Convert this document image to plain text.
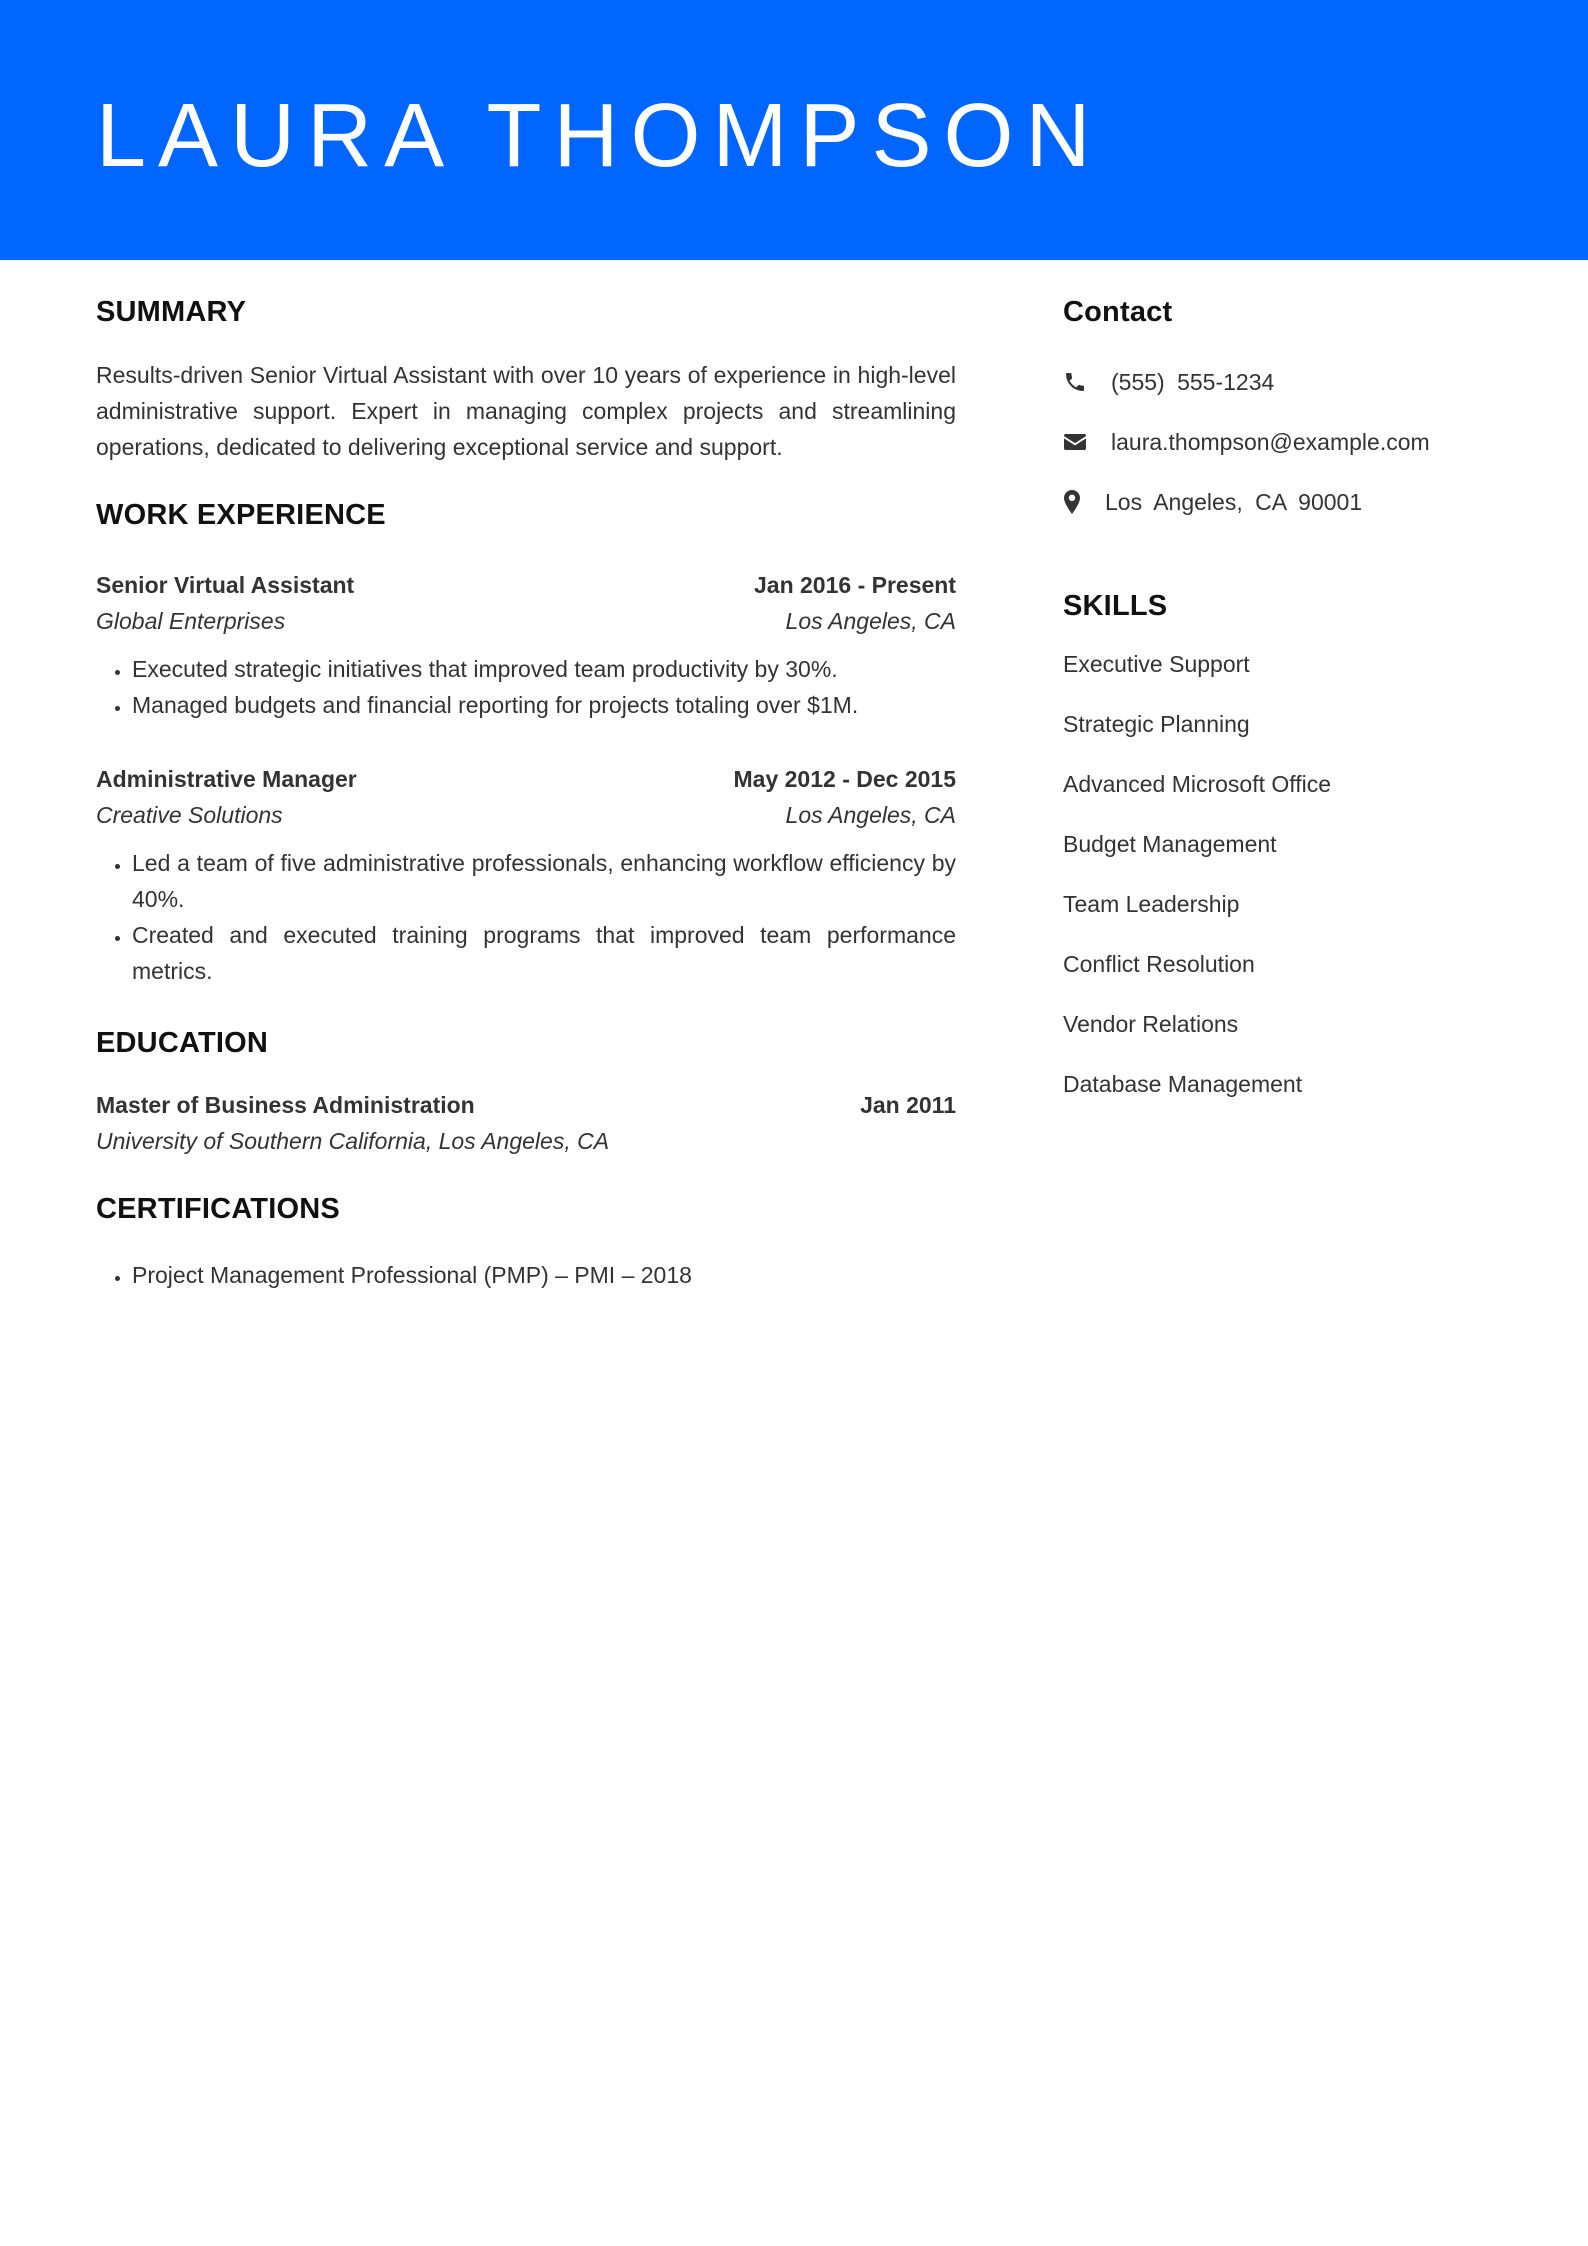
LAURA THOMPSON
SUMMARY

Results-driven Senior Virtual Assistant with over 10 years of experience in high-level administrative support. Expert in managing complex projects and streamlining operations, dedicated to delivering exceptional service and support.

WORK EXPERIENCE
Senior Virtual Assistant	Jan 2016 - Present
Global Enterprises	Los Angeles, CA
• Executed strategic initiatives that improved team productivity by 30%.
• Managed budgets and financial reporting for projects totaling over $1M.
Administrative Manager	May 2012 - Dec 2015
Creative Solutions	Los Angeles, CA
• Led a team of five administrative professionals, enhancing workflow efficiency by 40%.
• Created and executed training programs that improved team performance metrics.
EDUCATION
Master of Business Administration	Jan 2011
University of Southern California, Los Angeles, CA
CERTIFICATIONS
• Project Management Professional (PMP) – PMI – 2018
Contact
(555) 555-1234
laura.thompson@example.com
Los Angeles, CA 90001
SKILLS
Executive Support
Strategic Planning
Advanced Microsoft Office
Budget Management
Team Leadership
Conflict Resolution
Vendor Relations
Database Management
